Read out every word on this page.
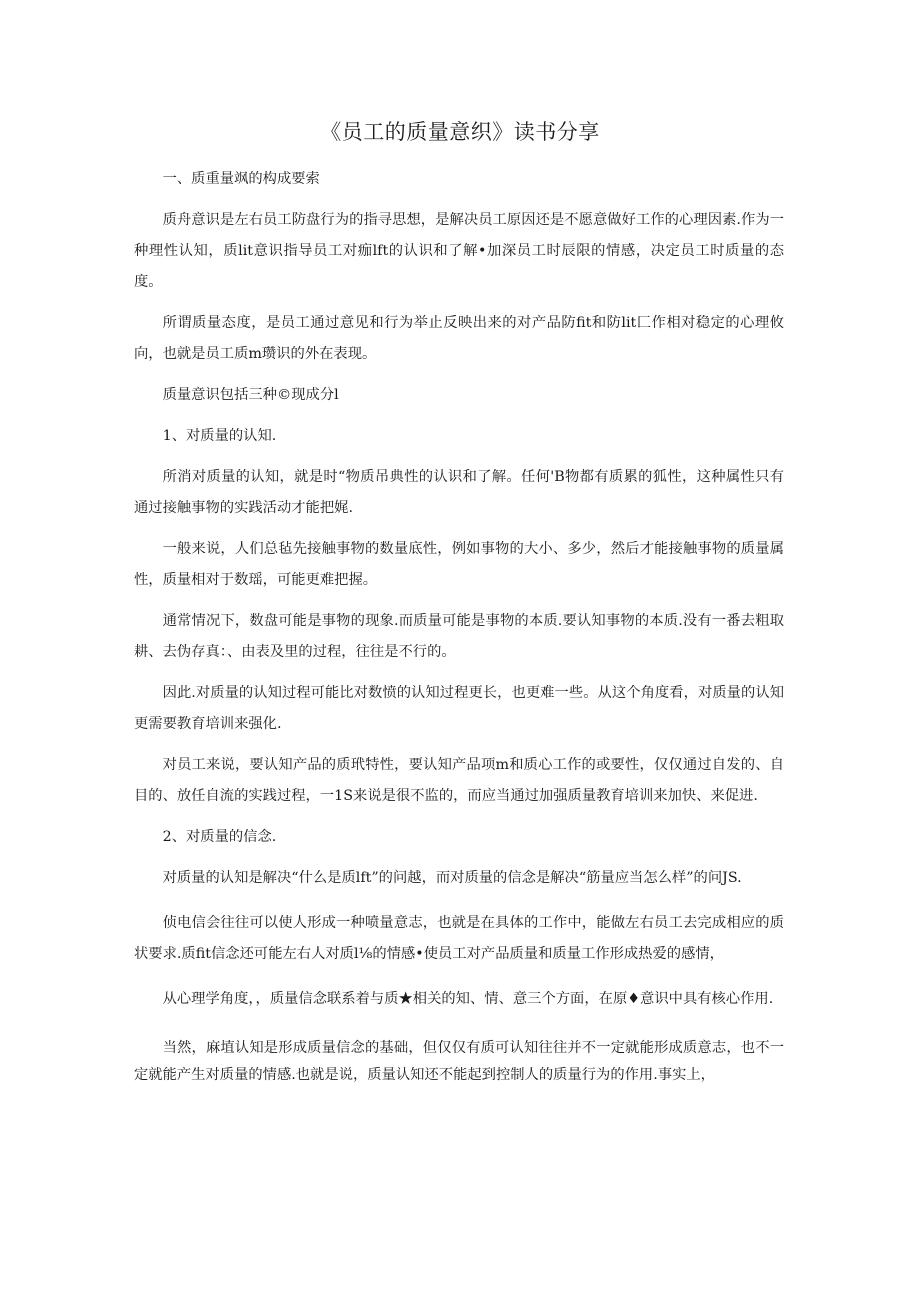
《员工的质量意织》读书分享

一、质重量飒的构成要索

质舟意识是左右员工防盘行为的指寻思想，是解决员工原因还是不愿意做好工作的心理因素.作为一种理性认知，质lit意识指导员工对痂lft的认识和了解•加深员工时辰限的情感，决定员工时质量的态度。

所谓质量态度，是员工通过意见和行为举止反映出来的对产品防fit和防lit匚作相对稳定的心理攸向，也就是员工质m瓒识的外在表现。

质量意识包括三种©现成分l

1、对质量的认知.

所消对质量的认知，就是时“物质吊典性的认识和了解。任何'B物都有质累的狐性，这种属性只有通过接触事物的实践活动才能把娓.

一般来说，人们总毡先接触事物的数量底性，例如事物的大小、多少，然后才能接触事物的质量属性，质量相对于数瑶，可能更难把握。

通常情况下，数盘可能是事物的现象.而质量可能是事物的本质.要认知事物的本质.没有一番去粗取耕、去伪存真：、由表及里的过程，往往是不行的。

因此.对质量的认知过程可能比对数愤的认知过程更长，也更难一些。从这个角度看，对质量的认知更需要教育培训来强化.

对员工来说，要认知产品的质玳特性，要认知产品项m和质心工作的或要性，仅仅通过自发的、自目的、放任自流的实践过程，一1S来说是很不监的，而应当通过加强质量教育培训来加快、来促进.

2、对质量的信念.

对质量的认知是解决“什么是质lft”的问越，而对质量的信念是解决“筋量应当怎么样”的问JS.

侦电信会往往可以使人形成一种喷量意志，也就是在具体的工作中，能做左右员工去完成相应的质状要求.质fit信念还可能左右人对质l⅛的情感•使员工对产品质量和质量工作形成热爱的感情，

从心理学角度，，质量信念联系着与质★相关的知、情、意三个方面，在原♦意识中具有核心作用.

当然，麻埴认知是形成质量信念的基础，但仅仅有质可认知往往并不一定就能形成质意志，也不一定就能产生对质量的情感.也就是说，质量认知还不能起到控制人的质量行为的作用.事实上，
